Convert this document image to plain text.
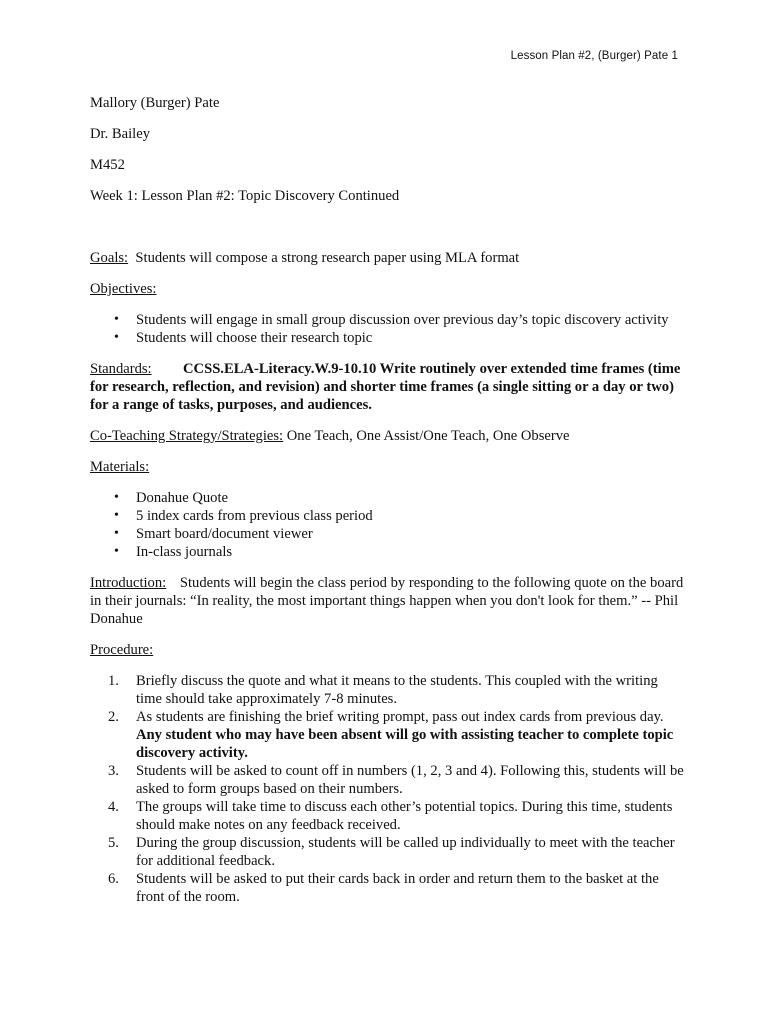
Lesson Plan #2, (Burger) Pate 1

Mallory (Burger) Pate

Dr. Bailey

M452

Week 1: Lesson Plan #2: Topic Discovery Continued

Goals: Students will compose a strong research paper using MLA format

Objectives:

• Students will engage in small group discussion over previous day’s topic discovery activity
• Students will choose their research topic

Standards: CCSS.ELA-Literacy.W.9-10.10 Write routinely over extended time frames (time for research, reflection, and revision) and shorter time frames (a single sitting or a day or two) for a range of tasks, purposes, and audiences.

Co-Teaching Strategy/Strategies: One Teach, One Assist/One Teach, One Observe

Materials:

• Donahue Quote
• 5 index cards from previous class period
• Smart board/document viewer
• In-class journals

Introduction: Students will begin the class period by responding to the following quote on the board in their journals: “In reality, the most important things happen when you don't look for them.” -- Phil Donahue

Procedure:

1. Briefly discuss the quote and what it means to the students. This coupled with the writing time should take approximately 7-8 minutes.
2. As students are finishing the brief writing prompt, pass out index cards from previous day. Any student who may have been absent will go with assisting teacher to complete topic discovery activity.
3. Students will be asked to count off in numbers (1, 2, 3 and 4). Following this, students will be asked to form groups based on their numbers.
4. The groups will take time to discuss each other’s potential topics. During this time, students should make notes on any feedback received.
5. During the group discussion, students will be called up individually to meet with the teacher for additional feedback.
6. Students will be asked to put their cards back in order and return them to the basket at the front of the room.
